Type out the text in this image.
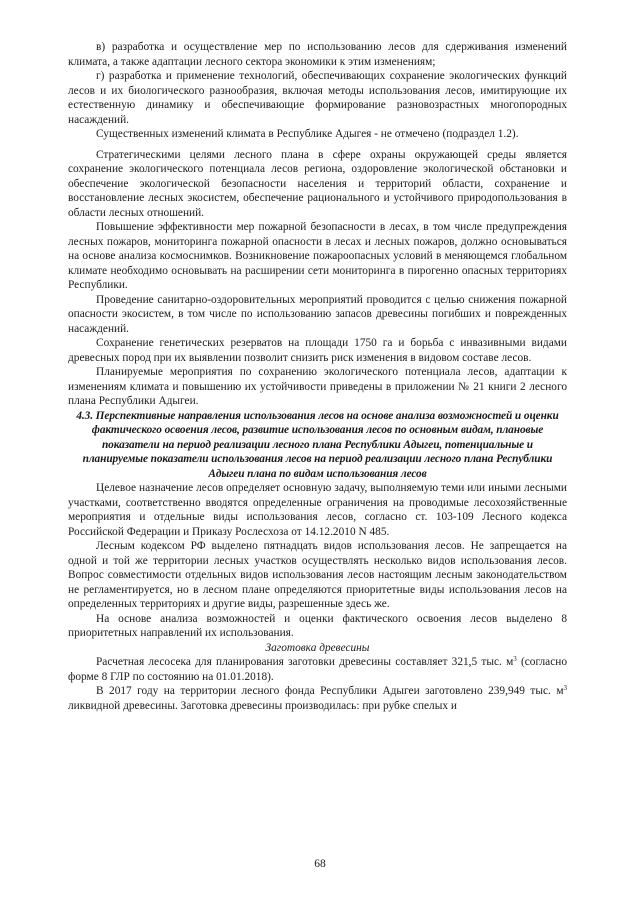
в) разработка и осуществление мер по использованию лесов для сдерживания изменений климата, а также адаптации лесного сектора экономики к этим изменениям;

г) разработка и применение технологий, обеспечивающих сохранение экологических функций лесов и их биологического разнообразия, включая методы использования лесов, имитирующие их естественную динамику и обеспечивающие формирование разновозрастных многопородных насаждений.

Существенных изменений климата в Республике Адыгея - не отмечено (подраздел 1.2).

Стратегическими целями лесного плана в сфере охраны окружающей среды является сохранение экологического потенциала лесов региона, оздоровление экологической обстановки и обеспечение экологической безопасности населения и территорий области, сохранение и восстановление лесных экосистем, обеспечение рационального и устойчивого природопользования в области лесных отношений.

Повышение эффективности мер пожарной безопасности в лесах, в том числе предупреждения лесных пожаров, мониторинга пожарной опасности в лесах и лесных пожаров, должно основываться на основе анализа космоснимков. Возникновение пожароопасных условий в меняющемся глобальном климате необходимо основывать на расширении сети мониторинга в пирогенно опасных территориях Республики.

Проведение санитарно-оздоровительных мероприятий проводится с целью снижения пожарной опасности экосистем, в том числе по использованию запасов древесины погибших и поврежденных насаждений.

Сохранение генетических резерватов на площади 1750 га и борьба с инвазивными видами древесных пород при их выявлении позволит снизить риск изменения в видовом составе лесов.

Планируемые мероприятия по сохранению экологического потенциала лесов, адаптации к изменениям климата и повышению их устойчивости приведены в приложении № 21 книги 2 лесного плана Республики Адыгеи.

4.3. Перспективные направления использования лесов на основе анализа возможностей и оценки фактического освоения лесов, развитие использования лесов по основным видам, плановые показатели на период реализации лесного плана Республики Адыгеи, потенциальные и планируемые показатели использования лесов на период реализации лесного плана Республики Адыгеи плана по видам использования лесов

Целевое назначение лесов определяет основную задачу, выполняемую теми или иными лесными участками, соответственно вводятся определенные ограничения на проводимые лесохозяйственные мероприятия и отдельные виды использования лесов, согласно ст. 103-109 Лесного кодекса Российской Федерации и Приказу Рослесхоза от 14.12.2010 N 485.

Лесным кодексом РФ выделено пятнадцать видов использования лесов. Не запрещается на одной и той же территории лесных участков осуществлять несколько видов использования лесов. Вопрос совместимости отдельных видов использования лесов настоящим лесным законодательством не регламентируется, но в лесном плане определяются приоритетные виды использования лесов на определенных территориях и другие виды, разрешенные здесь же.

На основе анализа возможностей и оценки фактического освоения лесов выделено 8 приоритетных направлений их использования.

Заготовка древесины

Расчетная лесосека для планирования заготовки древесины составляет 321,5 тыс. $м^3$ (согласно форме 8 ГЛР по состоянию на 01.01.2018).

В 2017 году на территории лесного фонда Республики Адыгеи заготовлено 239,949 тыс. $м^3$ ликвидной древесины. Заготовка древесины производилась: при рубке спелых и

68
